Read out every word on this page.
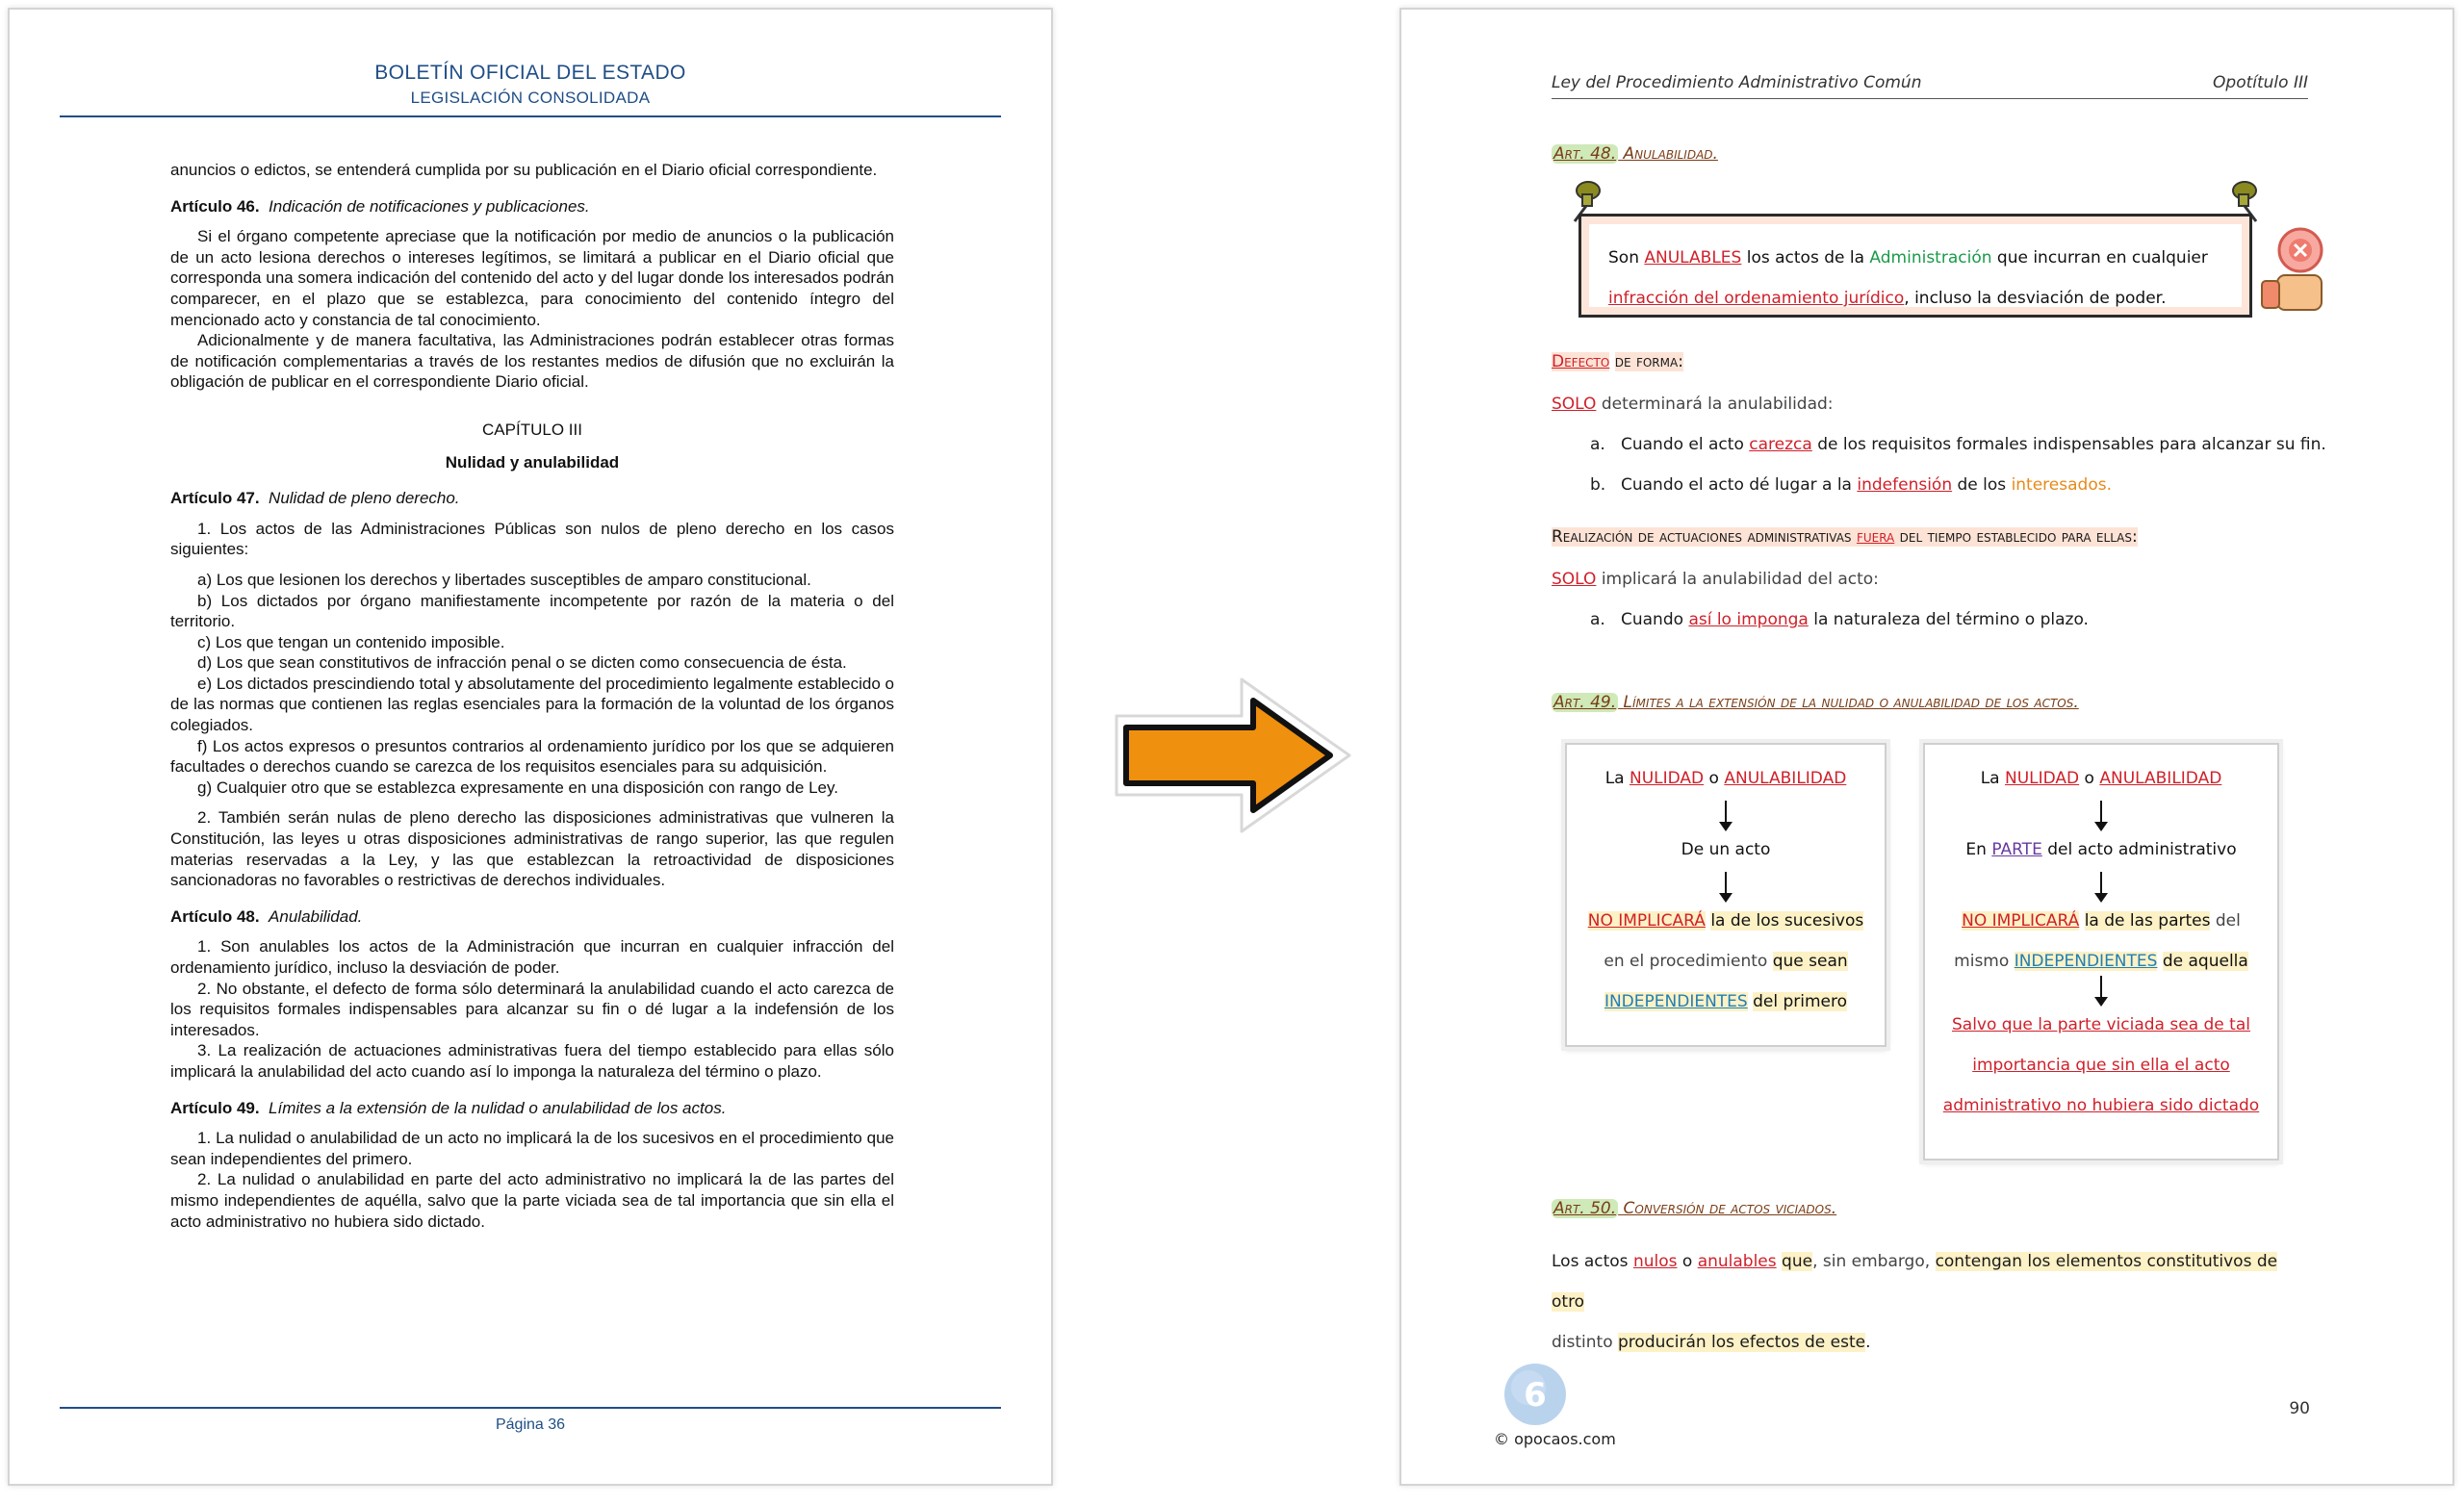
BOLETÍN OFICIAL DEL ESTADO
LEGISLACIÓN CONSOLIDADA

anuncios o edictos, se entenderá cumplida por su publicación en el Diario oficial correspondiente.

Artículo 46. Indicación de notificaciones y publicaciones.

Si el órgano competente apreciase que la notificación por medio de anuncios o la publicación de un acto lesiona derechos o intereses legítimos, se limitará a publicar en el Diario oficial que corresponda una somera indicación del contenido del acto y del lugar donde los interesados podrán comparecer, en el plazo que se establezca, para conocimiento del contenido íntegro del mencionado acto y constancia de tal conocimiento.

Adicionalmente y de manera facultativa, las Administraciones podrán establecer otras formas de notificación complementarias a través de los restantes medios de difusión que no excluirán la obligación de publicar en el correspondiente Diario oficial.

CAPÍTULO III

Nulidad y anulabilidad

Artículo 47. Nulidad de pleno derecho.

1. Los actos de las Administraciones Públicas son nulos de pleno derecho en los casos siguientes:

a) Los que lesionen los derechos y libertades susceptibles de amparo constitucional.

b) Los dictados por órgano manifiestamente incompetente por razón de la materia o del territorio.

c) Los que tengan un contenido imposible.

d) Los que sean constitutivos de infracción penal o se dicten como consecuencia de ésta.

e) Los dictados prescindiendo total y absolutamente del procedimiento legalmente establecido o de las normas que contienen las reglas esenciales para la formación de la voluntad de los órganos colegiados.

f) Los actos expresos o presuntos contrarios al ordenamiento jurídico por los que se adquieren facultades o derechos cuando se carezca de los requisitos esenciales para su adquisición.

g) Cualquier otro que se establezca expresamente en una disposición con rango de Ley.

2. También serán nulas de pleno derecho las disposiciones administrativas que vulneren la Constitución, las leyes u otras disposiciones administrativas de rango superior, las que regulen materias reservadas a la Ley, y las que establezcan la retroactividad de disposiciones sancionadoras no favorables o restrictivas de derechos individuales.

Artículo 48. Anulabilidad.

1. Son anulables los actos de la Administración que incurran en cualquier infracción del ordenamiento jurídico, incluso la desviación de poder.

2. No obstante, el defecto de forma sólo determinará la anulabilidad cuando el acto carezca de los requisitos formales indispensables para alcanzar su fin o dé lugar a la indefensión de los interesados.

3. La realización de actuaciones administrativas fuera del tiempo establecido para ellas sólo implicará la anulabilidad del acto cuando así lo imponga la naturaleza del término o plazo.

Artículo 49. Límites a la extensión de la nulidad o anulabilidad de los actos.

1. La nulidad o anulabilidad de un acto no implicará la de los sucesivos en el procedimiento que sean independientes del primero.

2. La nulidad o anulabilidad en parte del acto administrativo no implicará la de las partes del mismo independientes de aquélla, salvo que la parte viciada sea de tal importancia que sin ella el acto administrativo no hubiera sido dictado.

Página 36
Ley del Procedimiento Administrativo Común	Opotítulo III
Art. 48. Anulabilidad.
Son ANULABLES los actos de la Administración que incurran en cualquier
infracción del ordenamiento jurídico, incluso la desviación de poder.
Defecto de forma:
SOLO determinará la anulabilidad:
a. Cuando el acto carezca de los requisitos formales indispensables para alcanzar su fin.
b. Cuando el acto dé lugar a la indefensión de los interesados.
Realización de actuaciones administrativas fuera del tiempo establecido para ellas:
SOLO implicará la anulabilidad del acto:
a. Cuando así lo imponga la naturaleza del término o plazo.
Art. 49. Límites a la extensión de la nulidad o anulabilidad de los actos.
La NULIDAD o ANULABILIDAD
De un acto
NO IMPLICARÁ la de los sucesivos
en el procedimiento que sean
INDEPENDIENTES del primero
La NULIDAD o ANULABILIDAD
En PARTE del acto administrativo
NO IMPLICARÁ la de las partes del
mismo INDEPENDIENTES de aquella
Salvo que la parte viciada sea de tal
importancia que sin ella el acto
administrativo no hubiera sido dictado
Art. 50. Conversión de actos viciados.
Los actos nulos o anulables que, sin embargo, contengan los elementos constitutivos de otro
distinto producirán los efectos de este.
6
© opocaos.com
90
